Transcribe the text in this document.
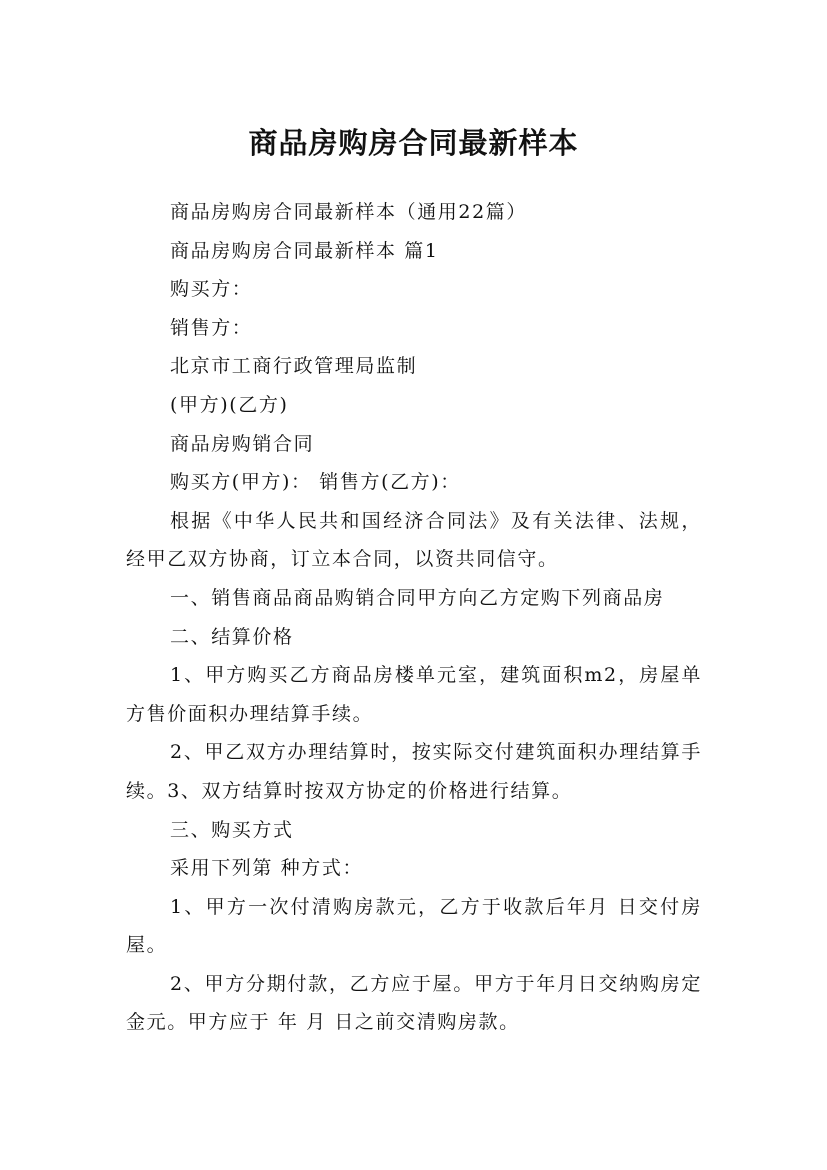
商品房购房合同最新样本

商品房购房合同最新样本（通用22篇）

商品房购房合同最新样本 篇1

购买方：

销售方：

北京市工商行政管理局监制

(甲方)(乙方)

商品房购销合同

购买方(甲方)： 销售方(乙方)：

根据《中华人民共和国经济合同法》及有关法律、法规，经甲乙双方协商，订立本合同，以资共同信守。

一、销售商品商品购销合同甲方向乙方定购下列商品房

二、结算价格

1、甲方购买乙方商品房楼单元室，建筑面积m2，房屋单方售价面积办理结算手续。

2、甲乙双方办理结算时，按实际交付建筑面积办理结算手续。3、双方结算时按双方协定的价格进行结算。

三、购买方式

采用下列第 种方式：

1、甲方一次付清购房款元，乙方于收款后年月 日交付房屋。

2、甲方分期付款，乙方应于屋。甲方于年月日交纳购房定金元。甲方应于 年 月 日之前交清购房款。
